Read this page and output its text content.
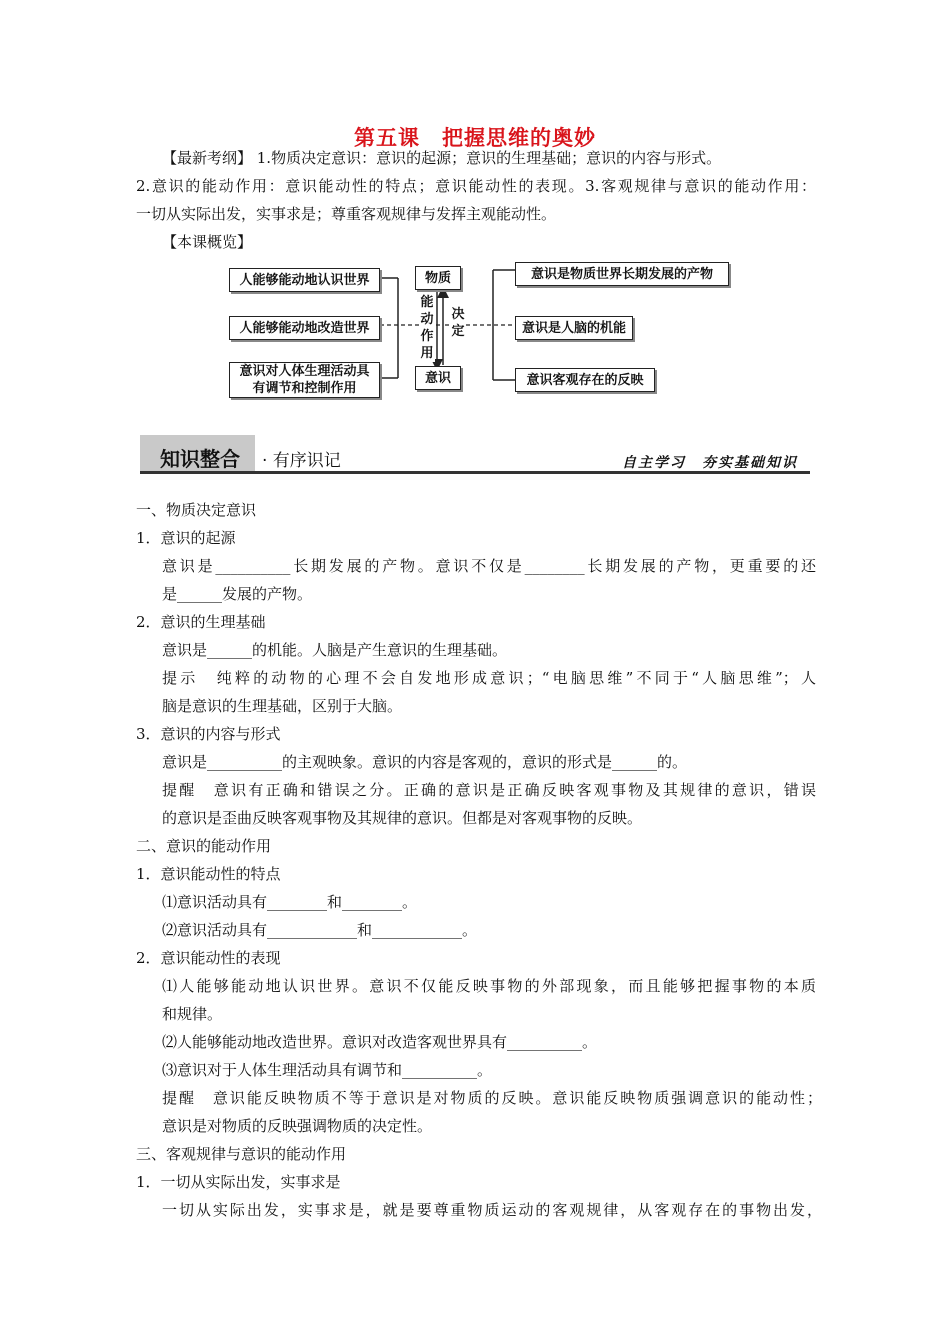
第五课　把握思维的奥妙
【最新考纲】 1.物质决定意识：意识的起源；意识的生理基础；意识的内容与形式。
2.意识的能动作用：意识能动性的特点；意识能动性的表现。3.客观规律与意识的能动作用：
一切从实际出发，实事求是；尊重客观规律与发挥主观能动性。
【本课概览】
人能够能动地认识世界
人能够能动地改造世界
意识对人体生理活动具有调节和控制作用
物质
意识
能动作用
决定
意识是物质世界长期发展的产物
意识是人脑的机能
意识客观存在的反映
知识整合 · 有序识记	自主学习　夯实基础知识
一、物质决定意识
1．意识的起源
意识是__________长期发展的产物。意识不仅是________长期发展的产物，更重要的还
是______发展的产物。
2．意识的生理基础
意识是______的机能。人脑是产生意识的生理基础。
提示　纯粹的动物的心理不会自发地形成意识；“电脑思维”不同于“人脑思维”；人
脑是意识的生理基础，区别于大脑。
3．意识的内容与形式
意识是__________的主观映象。意识的内容是客观的，意识的形式是______的。
提醒　意识有正确和错误之分。正确的意识是正确反映客观事物及其规律的意识，错误
的意识是歪曲反映客观事物及其规律的意识。但都是对客观事物的反映。
二、意识的能动作用
1．意识能动性的特点
⑴意识活动具有________和________。
⑵意识活动具有____________和____________。
2．意识能动性的表现
⑴人能够能动地认识世界。意识不仅能反映事物的外部现象，而且能够把握事物的本质
和规律。
⑵人能够能动地改造世界。意识对改造客观世界具有__________。
⑶意识对于人体生理活动具有调节和__________。
提醒　意识能反映物质不等于意识是对物质的反映。意识能反映物质强调意识的能动性；
意识是对物质的反映强调物质的决定性。
三、客观规律与意识的能动作用
1．一切从实际出发，实事求是
一切从实际出发，实事求是，就是要尊重物质运动的客观规律，从客观存在的事物出发，
